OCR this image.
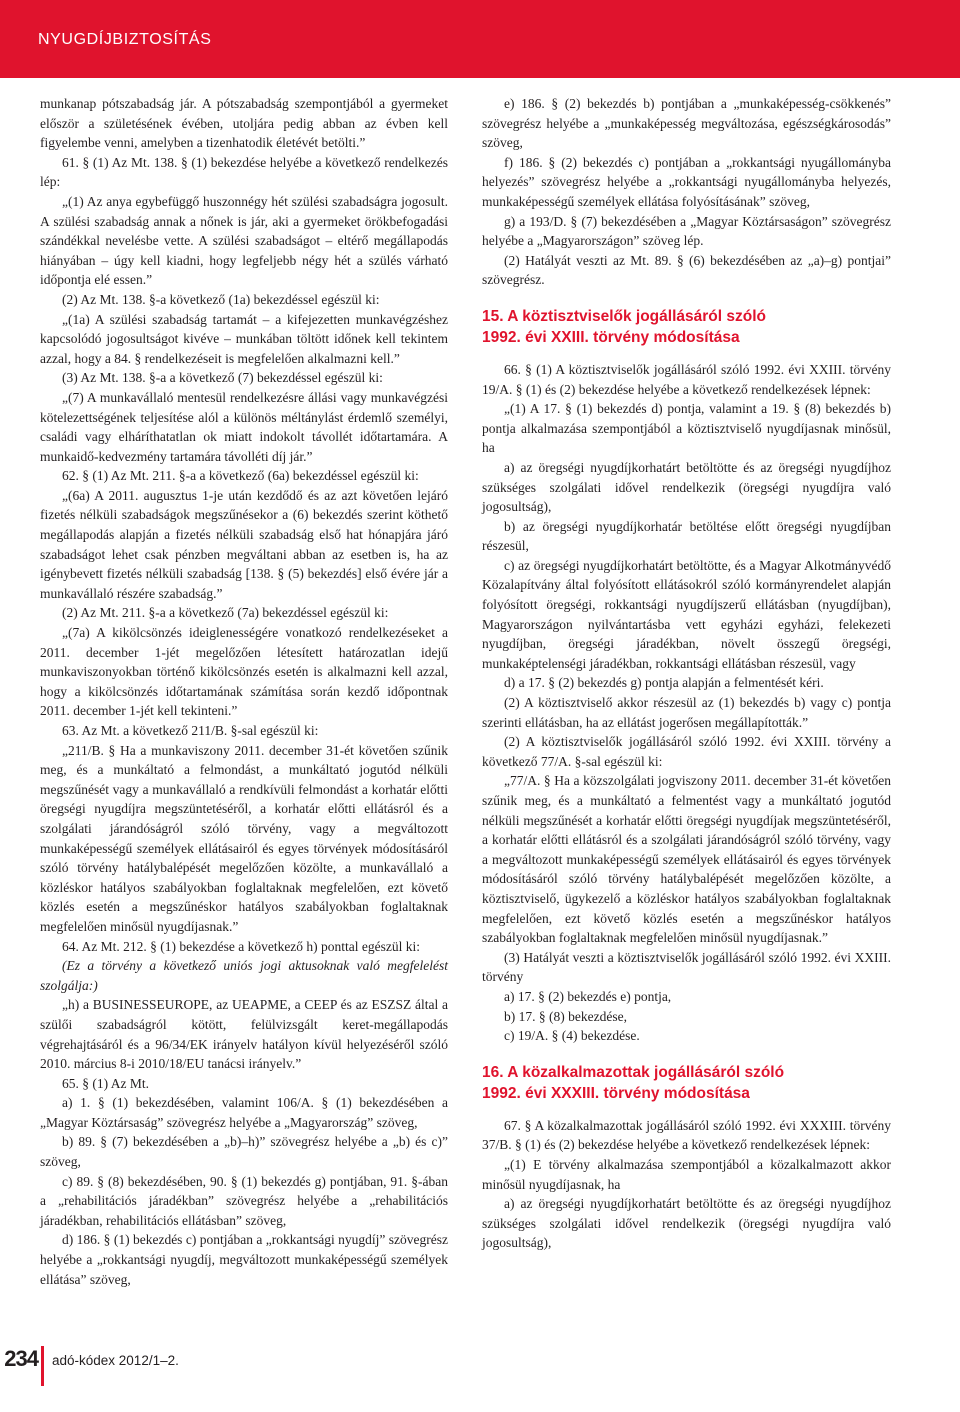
NYUGDÍJBIZTOSÍTÁS

munkanap pótszabadság jár. A pótszabadság szempontjából a gyermeket először a születésének évében, utoljára pedig abban az évben kell figyelembe venni, amelyben a tizenhatodik életévét betölti.”

61. § (1) Az Mt. 138. § (1) bekezdése helyébe a következő rendelkezés lép:

„(1) Az anya egybefüggő huszonnégy hét szülési szabadságra jogosult. A szülési szabadság annak a nőnek is jár, aki a gyermeket örökbefogadási szándékkal nevelésbe vette. A szülési szabadságot – eltérő megállapodás hiányában – úgy kell kiadni, hogy legfeljebb négy hét a szülés várható időpontja elé essen.”

(2) Az Mt. 138. §-a következő (1a) bekezdéssel egészül ki:

„(1a) A szülési szabadság tartamát – a kifejezetten munkavégzéshez kapcsolódó jogosultságot kivéve – munkában töltött időnek kell tekintem azzal, hogy a 84. § rendelkezéseit is megfelelően alkalmazni kell.”

(3) Az Mt. 138. §-a a következő (7) bekezdéssel egészül ki:

„(7) A munkavállaló mentesül rendelkezésre állási vagy munkavégzési kötelezettségének teljesítése alól a különös méltánylást érdemlő személyi, családi vagy elháríthatatlan ok miatt indokolt távollét időtartamára. A munkaidő-kedvezmény tartamára távolléti díj jár.”

62. § (1) Az Mt. 211. §-a a következő (6a) bekezdéssel egészül ki:

„(6a) A 2011. augusztus 1-je után kezdődő és az azt követően lejáró fizetés nélküli szabadságok megszűnésekor a (6) bekezdés szerint köthető megállapodás alapján a fizetés nélküli szabadság első hat hónapjára járó szabadságot lehet csak pénzben megváltani abban az esetben is, ha az igénybevett fizetés nélküli szabadság [138. § (5) bekezdés] első évére jár a munkavállaló részére szabadság.”

(2) Az Mt. 211. §-a a következő (7a) bekezdéssel egészül ki:

„(7a) A kikölcsönzés ideiglenességére vonatkozó rendelkezéseket a 2011. december 1-jét megelőzően létesített határozatlan idejű munkaviszonyokban történő kikölcsönzés esetén is alkalmazni kell azzal, hogy a kikölcsönzés időtartamának számítása során kezdő időpontnak 2011. december 1-jét kell tekinteni.”

63. Az Mt. a következő 211/B. §-sal egészül ki:

„211/B. § Ha a munkaviszony 2011. december 31-ét követően szűnik meg, és a munkáltató a felmondást, a munkáltató jogutód nélküli megszűnését vagy a munkavállaló a rendkívüli felmondást a korhatár előtti öregségi nyugdíjra megszüntetéséről, a korhatár előtti ellátásról és a szolgálati járandóságról szóló törvény, vagy a megváltozott munkaképességű személyek ellátásairól és egyes törvények módosításáról szóló törvény hatálybalépését megelőzően közölte, a munkavállaló a közléskor hatályos szabályokban foglaltaknak megfelelően, ezt követő közlés esetén a megszűnéskor hatályos szabályokban foglaltaknak megfelelően minősül nyugdíjasnak.”

64. Az Mt. 212. § (1) bekezdése a következő h) ponttal egészül ki:

(Ez a törvény a következő uniós jogi aktusoknak való megfelelést szolgálja:)

„h) a BUSINESSEUROPE, az UEAPME, a CEEP és az ESZSZ által a szülői szabadságról kötött, felülvizsgált keret-megállapodás végrehajtásáról és a 96/34/EK irányelv hatályon kívül helyezéséről szóló 2010. március 8-i 2010/18/EU tanácsi irányelv.”

65. § (1) Az Mt.

a) 1. § (1) bekezdésében, valamint 106/A. § (1) bekezdésében a „Magyar Köztársaság” szövegrész helyébe a „Magyarország” szöveg,

b) 89. § (7) bekezdésében a „b)–h)” szövegrész helyébe a „b) és c)” szöveg,

c) 89. § (8) bekezdésében, 90. § (1) bekezdés g) pontjában, 91. §-ában a „rehabilitációs járadékban” szövegrész helyébe a „rehabilitációs járadékban, rehabilitációs ellátásban” szöveg,

d) 186. § (1) bekezdés c) pontjában a „rokkantsági nyugdíj” szövegrész helyébe a „rokkantsági nyugdíj, megváltozott munkaképességű személyek ellátása” szöveg,

e) 186. § (2) bekezdés b) pontjában a „munkaképesség-csökkenés” szövegrész helyébe a „munkaképesség megváltozása, egészségkárosodás” szöveg,

f) 186. § (2) bekezdés c) pontjában a „rokkantsági nyugállományba helyezés” szövegrész helyébe a „rokkantsági nyugállományba helyezés, munkaképességű személyek ellátása folyósításának” szöveg,

g) a 193/D. § (7) bekezdésében a „Magyar Köztársaságon” szövegrész helyébe a „Magyarországon” szöveg lép.

(2) Hatályát veszti az Mt. 89. § (6) bekezdésében az „a)–g) pontjai” szövegrész.

15. A köztisztviselők jogállásáról szóló
1992. évi XXIII. törvény módosítása

66. § (1) A köztisztviselők jogállásáról szóló 1992. évi XXIII. törvény 19/A. § (1) és (2) bekezdése helyébe a következő rendelkezések lépnek:

„(1) A 17. § (1) bekezdés d) pontja, valamint a 19. § (8) bekezdés b) pontja alkalmazása szempontjából a köztisztviselő nyugdíjasnak minősül, ha

a) az öregségi nyugdíjkorhatárt betöltötte és az öregségi nyugdíjhoz szükséges szolgálati idővel rendelkezik (öregségi nyugdíjra való jogosultság),

b) az öregségi nyugdíjkorhatár betöltése előtt öregségi nyugdíjban részesül,

c) az öregségi nyugdíjkorhatárt betöltötte, és a Magyar Alkotmányvédő Közalapítvány által folyósított ellátásokról szóló kormányrendelet alapján folyósított öregségi, rokkantsági nyugdíjszerű ellátásban (nyugdíjban), Magyarországon nyilvántartásba vett egyházi egyházi, felekezeti nyugdíjban, öregségi járadékban, növelt összegű öregségi, munkaképtelenségi járadékban, rokkantsági ellátásban részesül, vagy

d) a 17. § (2) bekezdés g) pontja alapján a felmentését kéri.

(2) A köztisztviselő akkor részesül az (1) bekezdés b) vagy c) pontja szerinti ellátásban, ha az ellátást jogerősen megállapították.”

(2) A köztisztviselők jogállásáról szóló 1992. évi XXIII. törvény a következő 77/A. §-sal egészül ki:

„77/A. § Ha a közszolgálati jogviszony 2011. december 31-ét követően szűnik meg, és a munkáltató a felmentést vagy a munkáltató jogutód nélküli megszűnését a korhatár előtti öregségi nyugdíjak megszüntetéséről, a korhatár előtti ellátásról és a szolgálati járandóságról szóló törvény, vagy a megváltozott munkaképességű személyek ellátásairól és egyes törvények módosításáról szóló törvény hatálybalépését megelőzően közölte, a köztisztviselő, ügykezelő a közléskor hatályos szabályokban foglaltaknak megfelelően, ezt követő közlés esetén a megszűnéskor hatályos szabályokban foglaltaknak megfelelően minősül nyugdíjasnak.”

(3) Hatályát veszti a köztisztviselők jogállásáról szóló 1992. évi XXIII. törvény

a) 17. § (2) bekezdés e) pontja,

b) 17. § (8) bekezdése,

c) 19/A. § (4) bekezdése.

16. A közalkalmazottak jogállásáról szóló
1992. évi XXXIII. törvény módosítása

67. § A közalkalmazottak jogállásáról szóló 1992. évi XXXIII. törvény 37/B. § (1) és (2) bekezdése helyébe a következő rendelkezések lépnek:

„(1) E törvény alkalmazása szempontjából a közalkalmazott akkor minősül nyugdíjasnak, ha

a) az öregségi nyugdíjkorhatárt betöltötte és az öregségi nyugdíjhoz szükséges szolgálati idővel rendelkezik (öregségi nyugdíjra való jogosultság),

234 adó-kódex 2012/1–2.
